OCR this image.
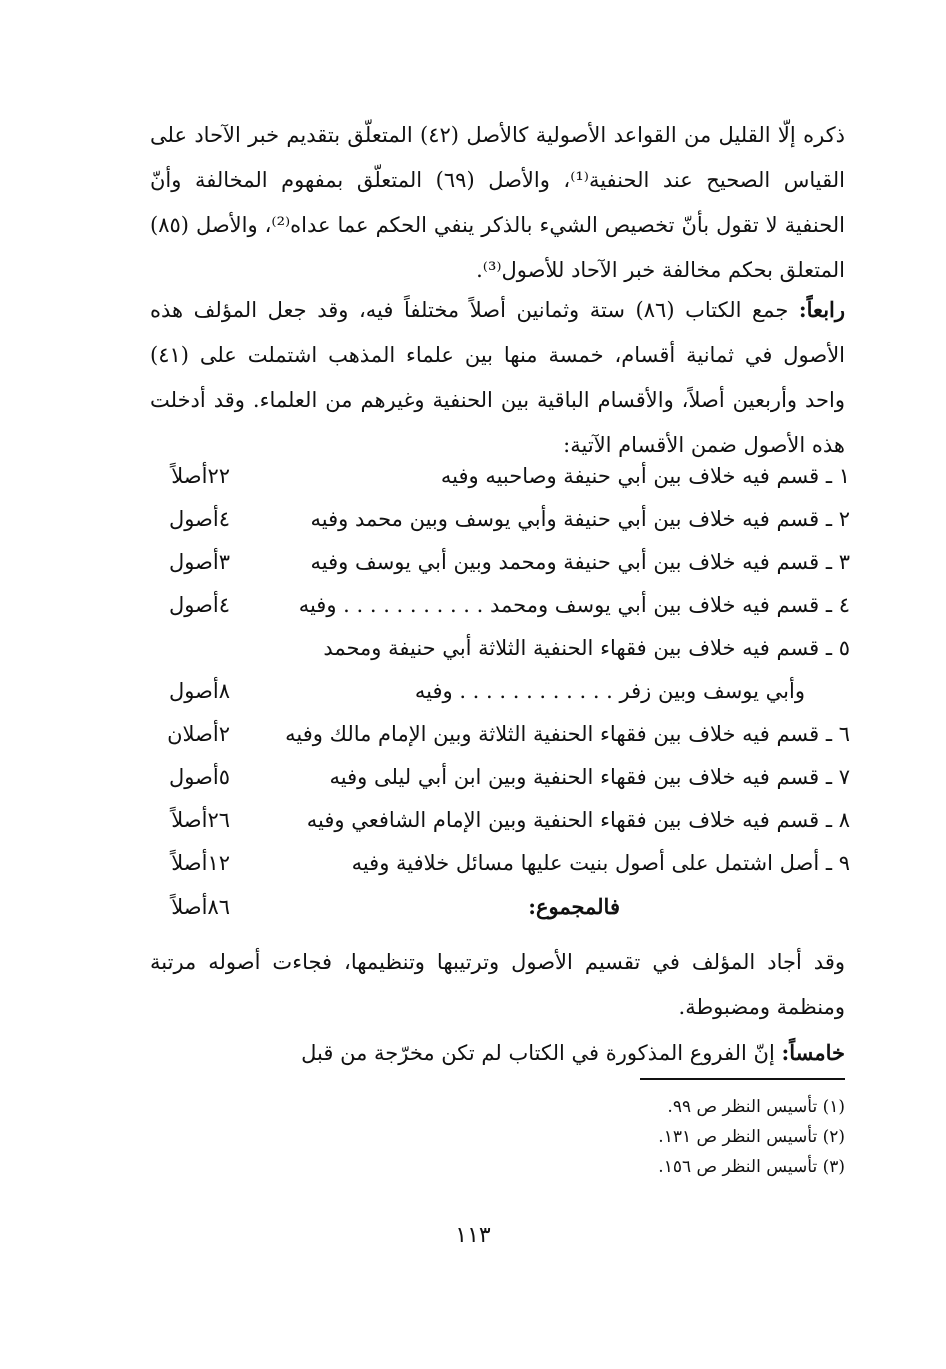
ذكره إلّا القليل من القواعد الأصولية كالأصل (٤٢) المتعلّق بتقديم خبر الآحاد على القياس الصحيح عند الحنفية⁽¹⁾، والأصل (٦٩) المتعلّق بمفهوم المخالفة وأنّ الحنفية لا تقول بأنّ تخصيص الشيء بالذكر ينفي الحكم عما عداه⁽²⁾، والأصل (٨٥) المتعلق بحكم مخالفة خبر الآحاد للأصول⁽³⁾.

رابعاً: جمع الكتاب (٨٦) ستة وثمانين أصلاً مختلفاً فيه، وقد جعل المؤلف هذه الأصول في ثمانية أقسام، خمسة منها بين علماء المذهب اشتملت على (٤١) واحد وأربعين أصلاً، والأقسام الباقية بين الحنفية وغيرهم من العلماء. وقد أدخلت هذه الأصول ضمن الأقسام الآتية:

١ ـ قسم فيه خلاف بين أبي حنيفة وصاحبيه وفيه
٢٢أصلاً
٢ ـ قسم فيه خلاف بين أبي حنيفة وأبي يوسف وبين محمد وفيه
٤أصول
٣ ـ قسم فيه خلاف بين أبي حنيفة ومحمد وبين أبي يوسف وفيه
٣أصول
٤ ـ قسم فيه خلاف بين أبي يوسف ومحمد . . . . . . . . . . . وفيه
٤أصول
٥ ـ قسم فيه خلاف بين فقهاء الحنفية الثلاثة أبي حنيفة ومحمد
وأبي يوسف وبين زفر . . . . . . . . . . . . وفيه
٨أصول
٦ ـ قسم فيه خلاف بين فقهاء الحنفية الثلاثة وبين الإمام مالك وفيه
٢أصلان
٧ ـ قسم فيه خلاف بين فقهاء الحنفية وبين ابن أبي ليلى وفيه
٥أصول
٨ ـ قسم فيه خلاف بين فقهاء الحنفية وبين الإمام الشافعي وفيه
٢٦أصلاً
٩ ـ أصل اشتمل على أصول بنيت عليها مسائل خلافية وفيه
١٢أصلاً
فالمجموع:
٨٦أصلاً

وقد أجاد المؤلف في تقسيم الأصول وترتيبها وتنظيمها، فجاءت أصوله مرتبة ومنظمة ومضبوطة.

خامساً: إنّ الفروع المذكورة في الكتاب لم تكن مخرّجة من قبل

(١) تأسيس النظر ص ٩٩.
(٢) تأسيس النظر ص ١٣١.
(٣) تأسيس النظر ص ١٥٦.
١١٣
